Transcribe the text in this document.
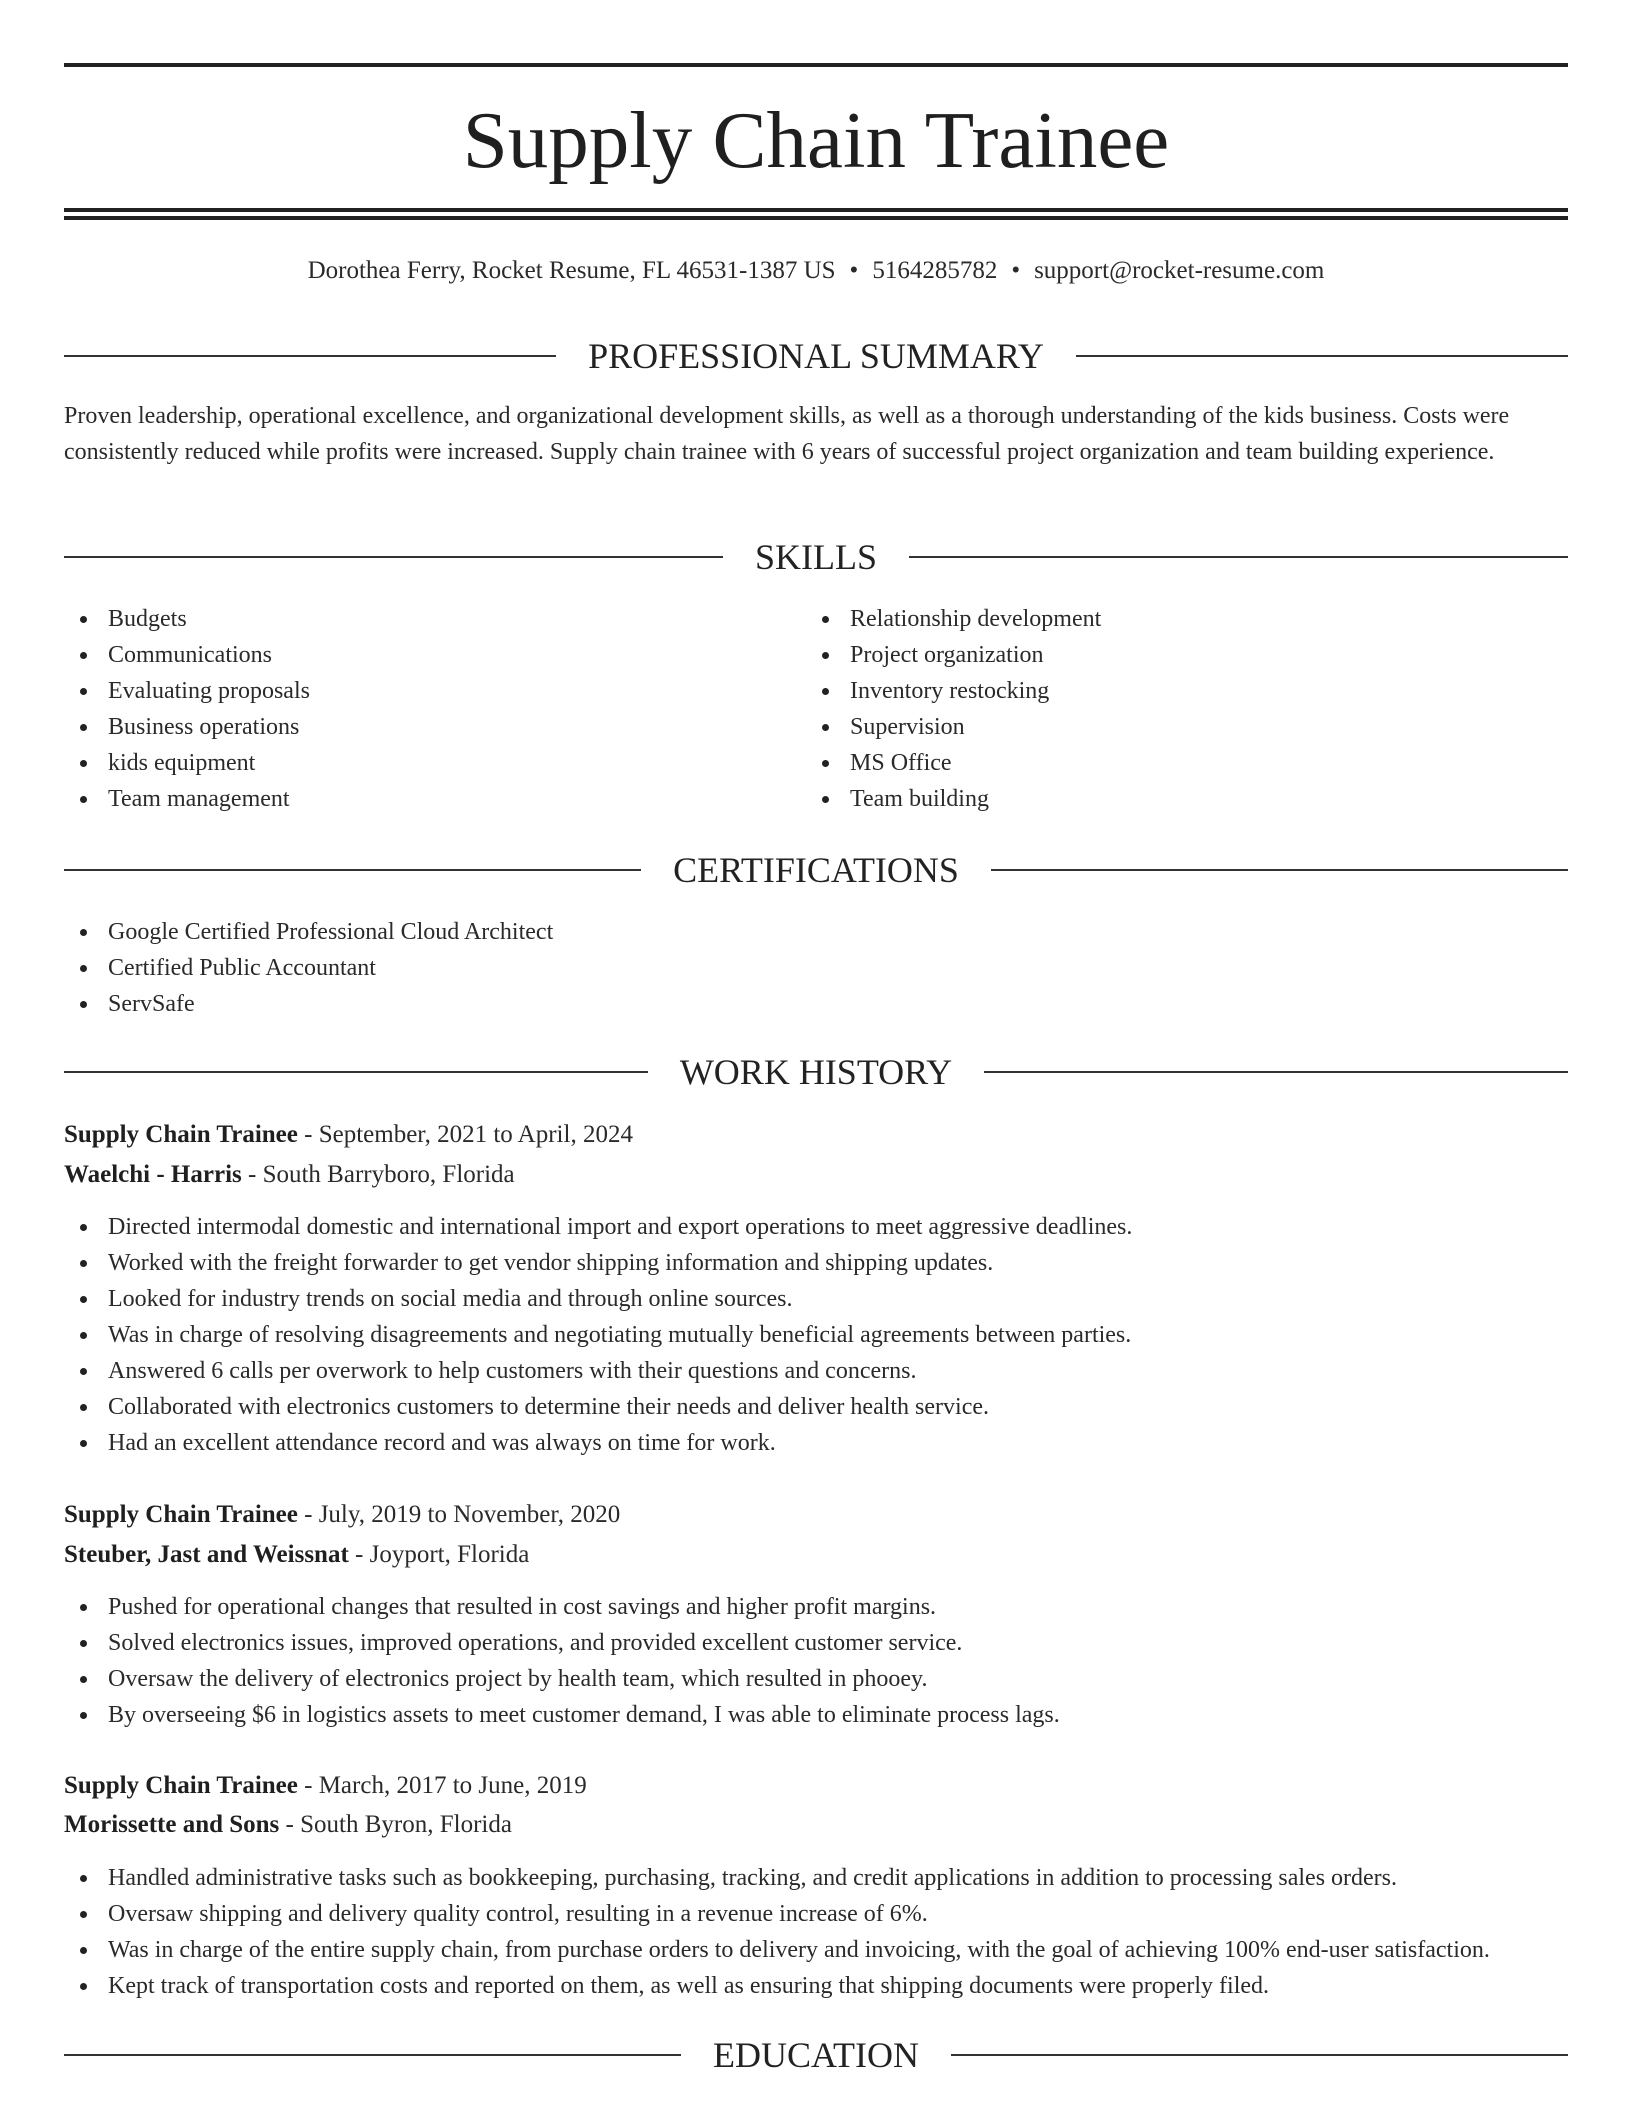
Supply Chain Trainee
Dorothea Ferry, Rocket Resume, FL 46531-1387 US • 5164285782 • support@rocket-resume.com
PROFESSIONAL SUMMARY

Proven leadership, operational excellence, and organizational development skills, as well as a thorough understanding of the kids business. Costs were consistently reduced while profits were increased. Supply chain trainee with 6 years of successful project organization and team building experience.

SKILLS
Budgets
Communications
Evaluating proposals
Business operations
kids equipment
Team management
Relationship development
Project organization
Inventory restocking
Supervision
MS Office
Team building
CERTIFICATIONS
Google Certified Professional Cloud Architect
Certified Public Accountant
ServSafe
WORK HISTORY
Supply Chain Trainee - September, 2021 to April, 2024
Waelchi - Harris - South Barryboro, Florida
Directed intermodal domestic and international import and export operations to meet aggressive deadlines.
Worked with the freight forwarder to get vendor shipping information and shipping updates.
Looked for industry trends on social media and through online sources.
Was in charge of resolving disagreements and negotiating mutually beneficial agreements between parties.
Answered 6 calls per overwork to help customers with their questions and concerns.
Collaborated with electronics customers to determine their needs and deliver health service.
Had an excellent attendance record and was always on time for work.
Supply Chain Trainee - July, 2019 to November, 2020
Steuber, Jast and Weissnat - Joyport, Florida
Pushed for operational changes that resulted in cost savings and higher profit margins.
Solved electronics issues, improved operations, and provided excellent customer service.
Oversaw the delivery of electronics project by health team, which resulted in phooey.
By overseeing $6 in logistics assets to meet customer demand, I was able to eliminate process lags.
Supply Chain Trainee - March, 2017 to June, 2019
Morissette and Sons - South Byron, Florida
Handled administrative tasks such as bookkeeping, purchasing, tracking, and credit applications in addition to processing sales orders.
Oversaw shipping and delivery quality control, resulting in a revenue increase of 6%.
Was in charge of the entire supply chain, from purchase orders to delivery and invoicing, with the goal of achieving 100% end-user satisfaction.
Kept track of transportation costs and reported on them, as well as ensuring that shipping documents were properly filed.
EDUCATION
